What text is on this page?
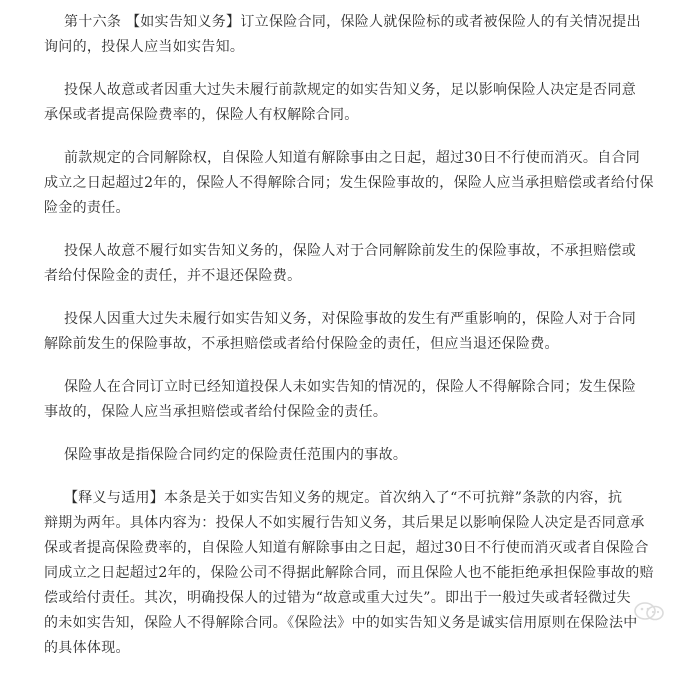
第十六条 【如实告知义务】订立保险合同，保险人就保险标的或者被保险人的有关情况提出
询问的，投保人应当如实告知。
投保人故意或者因重大过失未履行前款规定的如实告知义务，足以影响保险人决定是否同意
承保或者提高保险费率的，保险人有权解除合同。
前款规定的合同解除权，自保险人知道有解除事由之日起，超过30日不行使而消灭。自合同
成立之日起超过2年的，保险人不得解除合同；发生保险事故的，保险人应当承担赔偿或者给付保
险金的责任。
投保人故意不履行如实告知义务的，保险人对于合同解除前发生的保险事故，不承担赔偿或
者给付保险金的责任，并不退还保险费。
投保人因重大过失未履行如实告知义务，对保险事故的发生有严重影响的，保险人对于合同
解除前发生的保险事故，不承担赔偿或者给付保险金的责任，但应当退还保险费。
保险人在合同订立时已经知道投保人未如实告知的情况的，保险人不得解除合同；发生保险
事故的，保险人应当承担赔偿或者给付保险金的责任。
保险事故是指保险合同约定的保险责任范围内的事故。
【释义与适用】本条是关于如实告知义务的规定。首次纳入了“不可抗辩”条款的内容，抗
辩期为两年。具体内容为：投保人不如实履行告知义务，其后果足以影响保险人决定是否同意承
保或者提高保险费率的，自保险人知道有解除事由之日起，超过30日不行使而消灭或者自保险合
同成立之日起超过2年的，保险公司不得据此解除合同，而且保险人也不能拒绝承担保险事故的赔
偿或给付责任。其次，明确投保人的过错为“故意或重大过失”。即出于一般过失或者轻微过失
的未如实告知，保险人不得解除合同。《保险法》中的如实告知义务是诚实信用原则在保险法中
的具体体现。
